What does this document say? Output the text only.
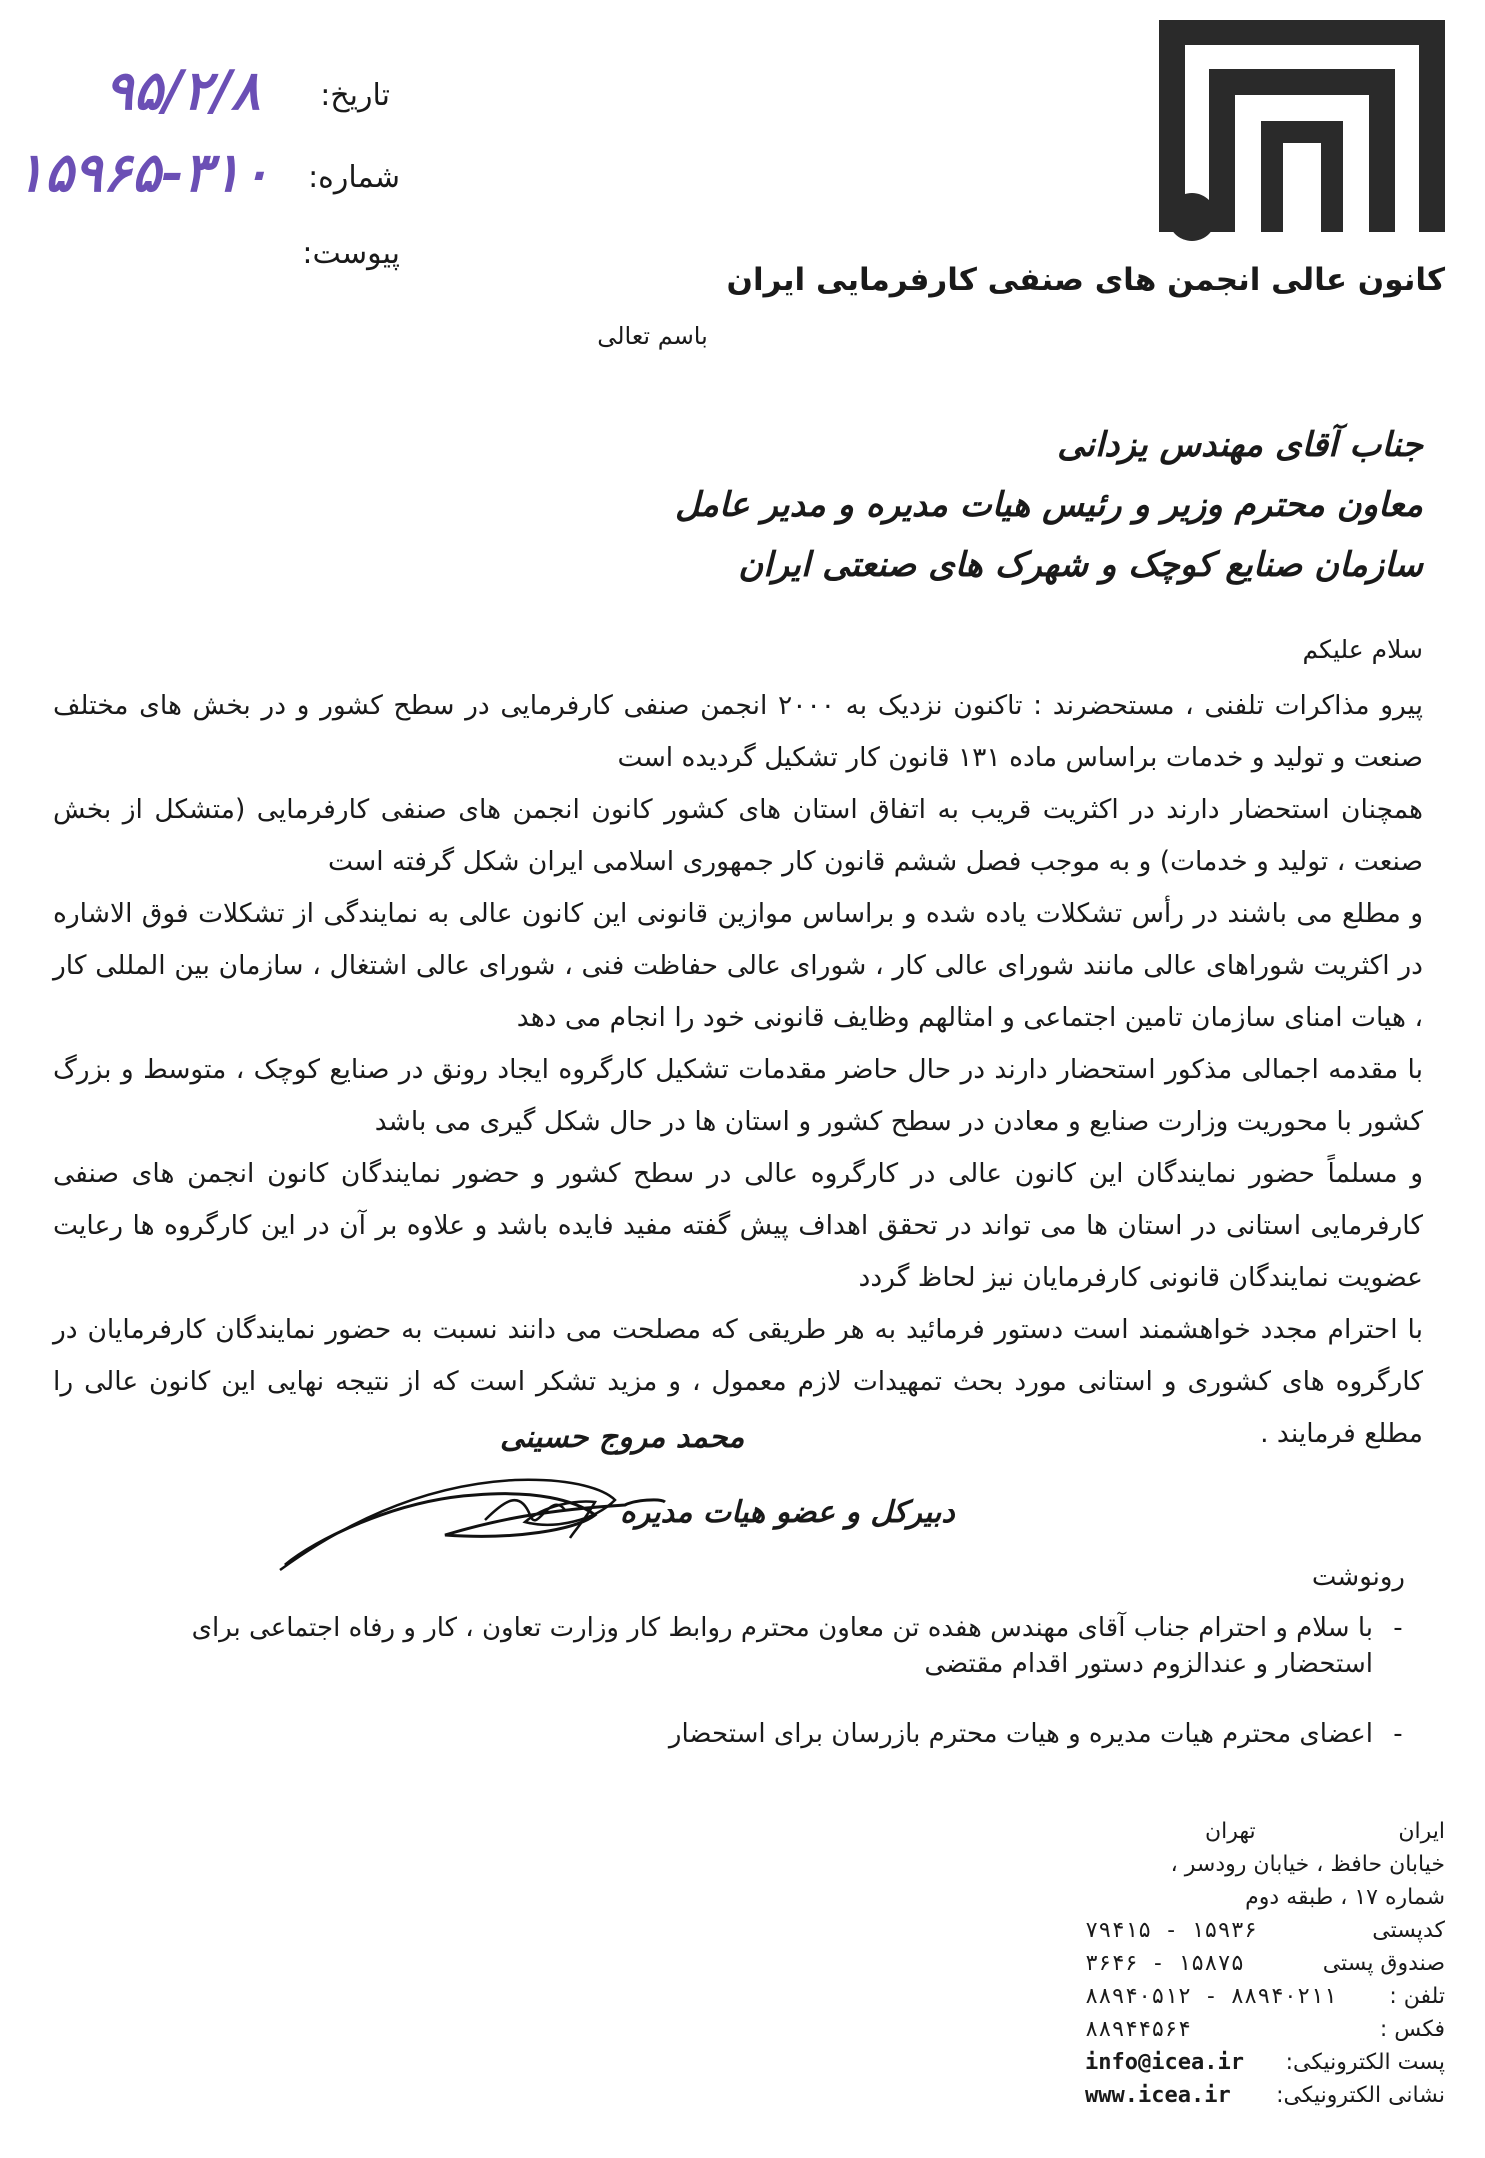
کانون عالی انجمن های صنفی کارفرمایی ایران
تاریخ:
۹۵/۲/۸
شماره:
۱۵۹۶۵-۳۱۰
پیوست:
باسم تعالی
جناب آقای مهندس یزدانی
معاون محترم وزیر و رئیس هیات مدیره و مدیر عامل
سازمان صنایع کوچک و شهرک های صنعتی ایران
سلام علیکم

پیرو مذاکرات تلفنی ، مستحضرند : تاکنون نزدیک به ۲۰۰۰ انجمن صنفی کارفرمایی در سطح کشور و در بخش های مختلف صنعت و تولید و خدمات براساس ماده ۱۳۱ قانون کار تشکیل گردیده است

همچنان استحضار دارند در اکثریت قریب به اتفاق استان های کشور کانون انجمن های صنفی کارفرمایی (متشکل از بخش صنعت ، تولید و خدمات) و به موجب فصل ششم قانون کار جمهوری اسلامی ایران شکل گرفته است

و مطلع می باشند در رأس تشکلات یاده شده و براساس موازین قانونی این کانون عالی به نمایندگی از تشکلات فوق الاشاره در اکثریت شوراهای عالی مانند شورای عالی کار ، شورای عالی حفاظت فنی ، شورای عالی اشتغال ، سازمان بین المللی کار ، هیات امنای سازمان تامین اجتماعی و امثالهم وظایف قانونی خود را انجام می دهد

با مقدمه اجمالی مذکور استحضار دارند در حال حاضر مقدمات تشکیل کارگروه ایجاد رونق در صنایع کوچک ، متوسط و بزرگ کشور با محوریت وزارت صنایع و معادن در سطح کشور و استان ها در حال شکل گیری می باشد

و مسلماً حضور نمایندگان این کانون عالی در کارگروه عالی در سطح کشور و حضور نمایندگان کانون انجمن های صنفی کارفرمایی استانی در استان ها می تواند در تحقق اهداف پیش گفته مفید فایده باشد و علاوه بر آن در این کارگروه ها رعایت عضویت نمایندگان قانونی کارفرمایان نیز لحاظ گردد

با احترام مجدد خواهشمند است دستور فرمائید به هر طریقی که مصلحت می دانند نسبت به حضور نمایندگان کارفرمایان در کارگروه های کشوری و استانی مورد بحث تمهیدات لازم معمول ، و مزید تشکر است که از نتیجه نهایی این کانون عالی را مطلع فرمایند .

محمد مروج حسینی
دبیرکل و عضو هیات مدیره
رونوشت
-
با سلام و احترام جناب آقای مهندس هفده تن معاون محترم روابط کار وزارت تعاون ، کار و رفاه اجتماعی برای استحضار و عندالزوم دستور اقدام مقتضی
-
اعضای محترم هیات مدیره و هیات محترم بازرسان برای استحضار
ایران
تهران
خیابان حافظ ، خیابان رودسر ،
شماره ۱۷ ، طبقه دوم
کدپستی
۱۵۹۳۶ - ۷۹۴۱۵
صندوق پستی
۱۵۸۷۵ - ۳۶۴۶
تلفن :
۸۸۹۴۰۲۱۱ - ۸۸۹۴۰۵۱۲
فکس :
۸۸۹۴۴۵۶۴
پست الکترونیکی:
info@icea.ir
نشانی الکترونیکی:
www.icea.ir
